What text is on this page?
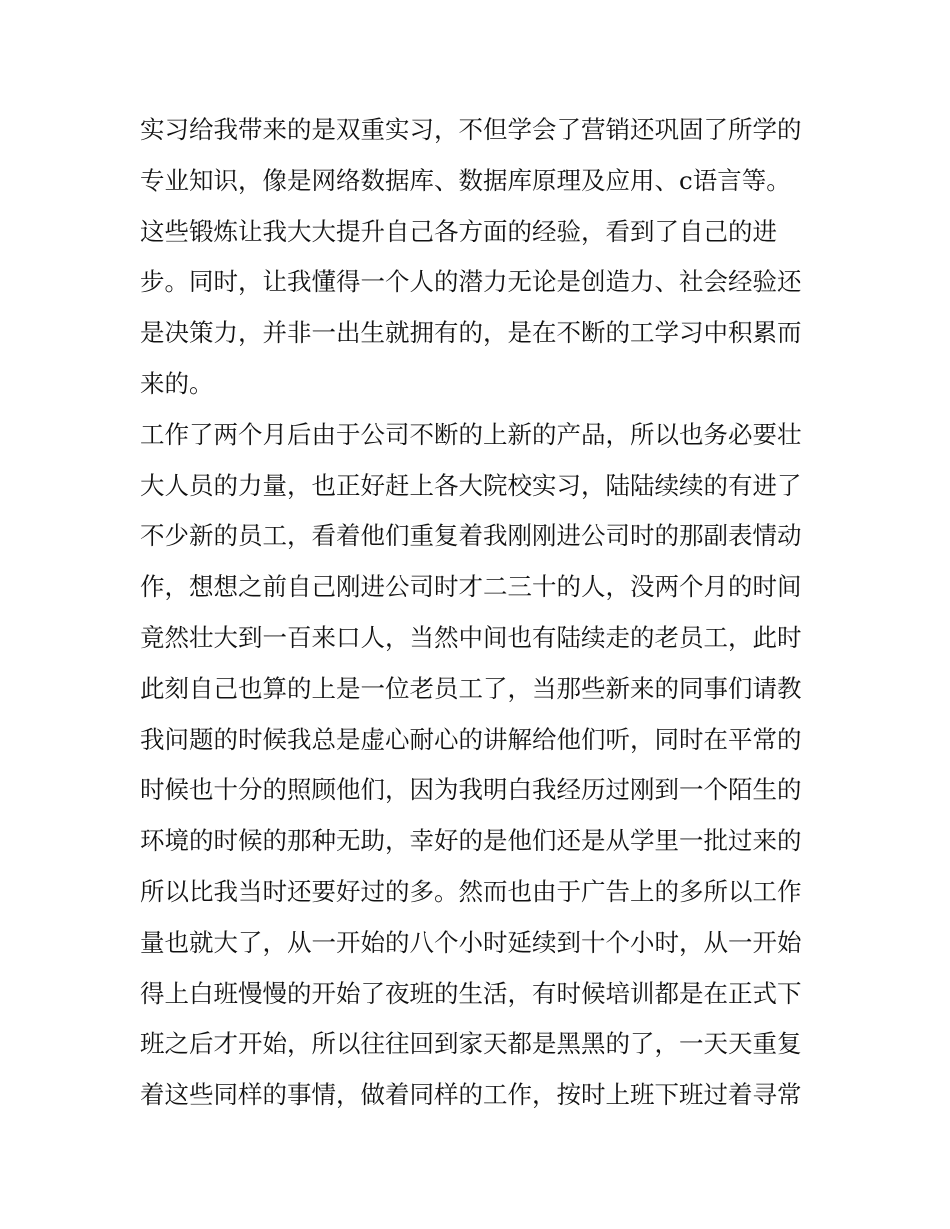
实习给我带来的是双重实习，不但学会了营销还巩固了所学的
专业知识，像是网络数据库、数据库原理及应用、c语言等。
这些锻炼让我大大提升自己各方面的经验，看到了自己的进
步。同时，让我懂得一个人的潜力无论是创造力、社会经验还
是决策力，并非一出生就拥有的，是在不断的工学习中积累而
来的。
工作了两个月后由于公司不断的上新的产品，所以也务必要壮
大人员的力量，也正好赶上各大院校实习，陆陆续续的有进了
不少新的员工，看着他们重复着我刚刚进公司时的那副表情动
作，想想之前自己刚进公司时才二三十的人，没两个月的时间
竟然壮大到一百来口人，当然中间也有陆续走的老员工，此时
此刻自己也算的上是一位老员工了，当那些新来的同事们请教
我问题的时候我总是虚心耐心的讲解给他们听，同时在平常的
时候也十分的照顾他们，因为我明白我经历过刚到一个陌生的
环境的时候的那种无助，幸好的是他们还是从学里一批过来的
所以比我当时还要好过的多。然而也由于广告上的多所以工作
量也就大了，从一开始的八个小时延续到十个小时，从一开始
得上白班慢慢的开始了夜班的生活，有时候培训都是在正式下
班之后才开始，所以往往回到家天都是黑黑的了，一天天重复
着这些同样的事情，做着同样的工作，按时上班下班过着寻常
